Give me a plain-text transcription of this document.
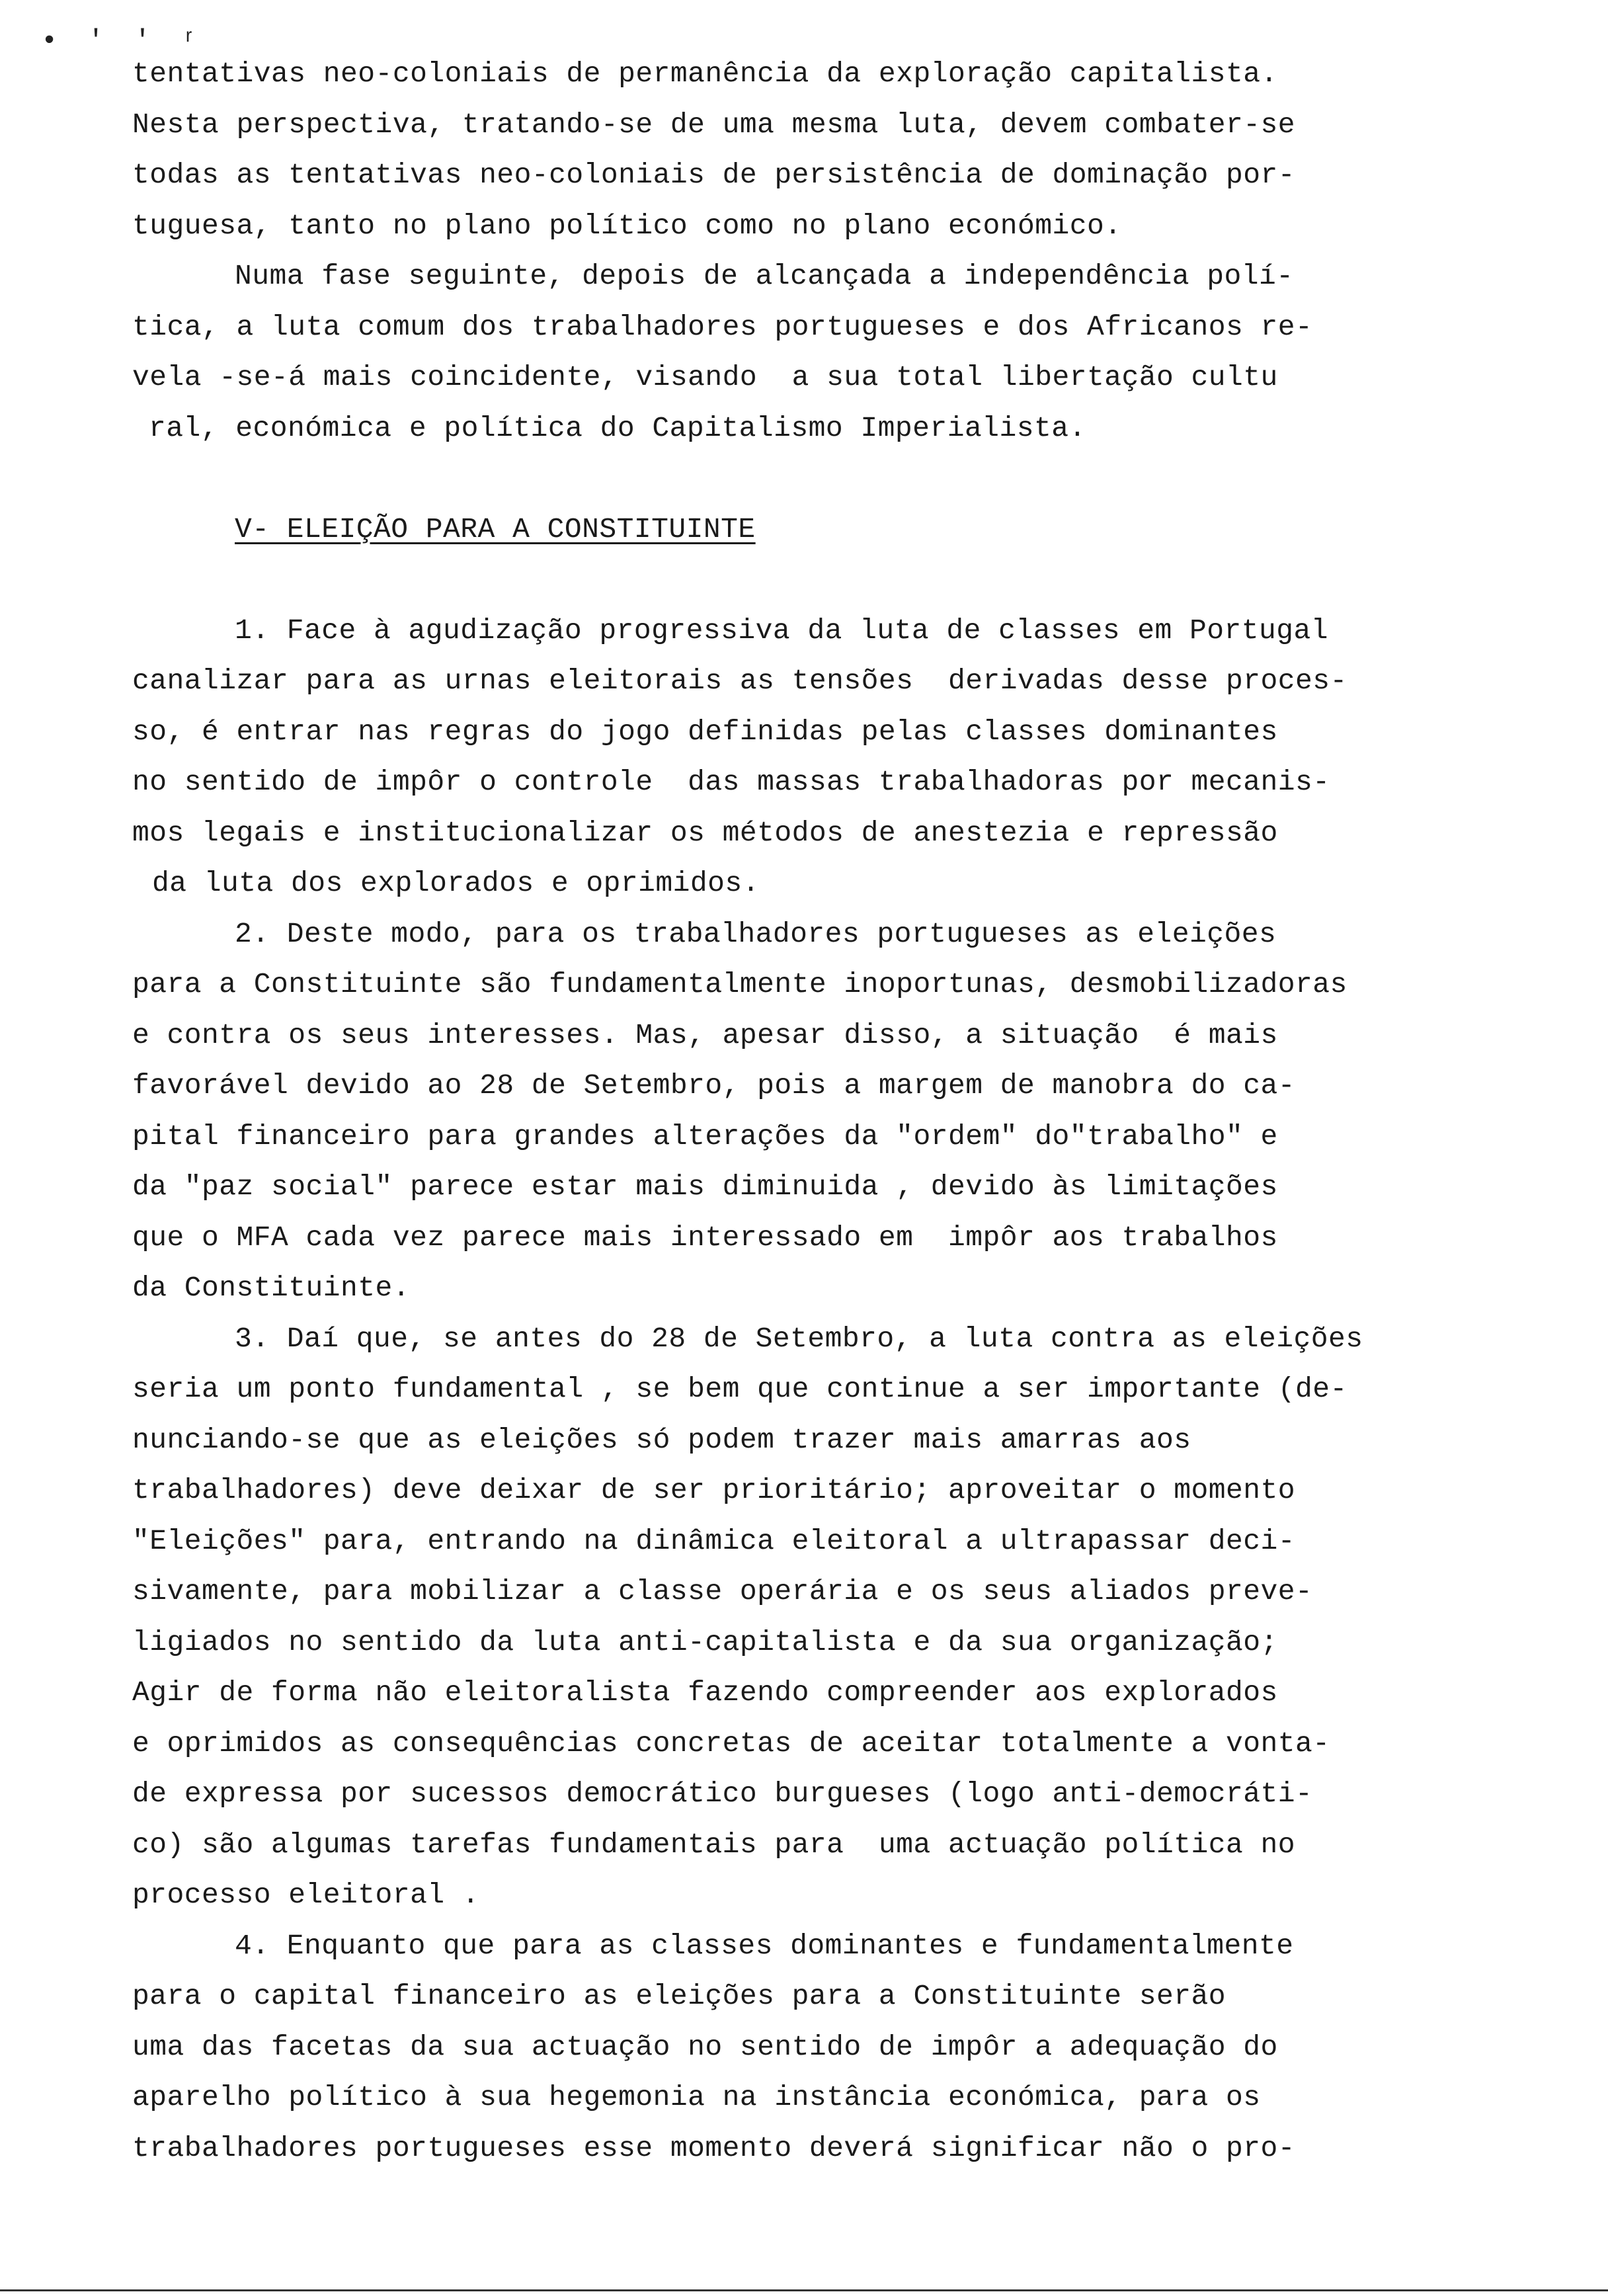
• ' ' ʳ
tentativas neo-coloniais de permanência da exploração capitalista.
Nesta perspectiva, tratando-se de uma mesma luta, devem combater-se
todas as tentativas neo-coloniais de persistência de dominação por-
tuguesa, tanto no plano político como no plano económico.
Numa fase seguinte, depois de alcançada a independência polí-
tica, a luta comum dos trabalhadores portugueses e dos Africanos re-
vela -se-á mais coincidente, visando  a sua total libertação cultu
ral, económica e política do Capitalismo Imperialista.
V- ELEIÇÃO PARA A CONSTITUINTE
1. Face à agudização progressiva da luta de classes em Portugal
canalizar para as urnas eleitorais as tensões  derivadas desse proces-
so, é entrar nas regras do jogo definidas pelas classes dominantes
no sentido de impôr o controle  das massas trabalhadoras por mecanis-
mos legais e institucionalizar os métodos de anestezia e repressão
da luta dos explorados e oprimidos.
2. Deste modo, para os trabalhadores portugueses as eleições
para a Constituinte são fundamentalmente inoportunas, desmobilizadoras
e contra os seus interesses. Mas, apesar disso, a situação  é mais
favorável devido ao 28 de Setembro, pois a margem de manobra do ca-
pital financeiro para grandes alterações da "ordem" do"trabalho" e
da "paz social" parece estar mais diminuida , devido às limitações
que o MFA cada vez parece mais interessado em  impôr aos trabalhos
da Constituinte.
3. Daí que, se antes do 28 de Setembro, a luta contra as eleições
seria um ponto fundamental , se bem que continue a ser importante (de-
nunciando-se que as eleições só podem trazer mais amarras aos
trabalhadores) deve deixar de ser prioritário; aproveitar o momento
"Eleições" para, entrando na dinâmica eleitoral a ultrapassar deci-
sivamente, para mobilizar a classe operária e os seus aliados preve-
ligiados no sentido da luta anti-capitalista e da sua organização;
Agir de forma não eleitoralista fazendo compreender aos explorados
e oprimidos as consequências concretas de aceitar totalmente a vonta-
de expressa por sucessos democrático burgueses (logo anti-democráti-
co) são algumas tarefas fundamentais para  uma actuação política no
processo eleitoral .
4. Enquanto que para as classes dominantes e fundamentalmente
para o capital financeiro as eleições para a Constituinte serão
uma das facetas da sua actuação no sentido de impôr a adequação do
aparelho político à sua hegemonia na instância económica, para os
trabalhadores portugueses esse momento deverá significar não o pro-
